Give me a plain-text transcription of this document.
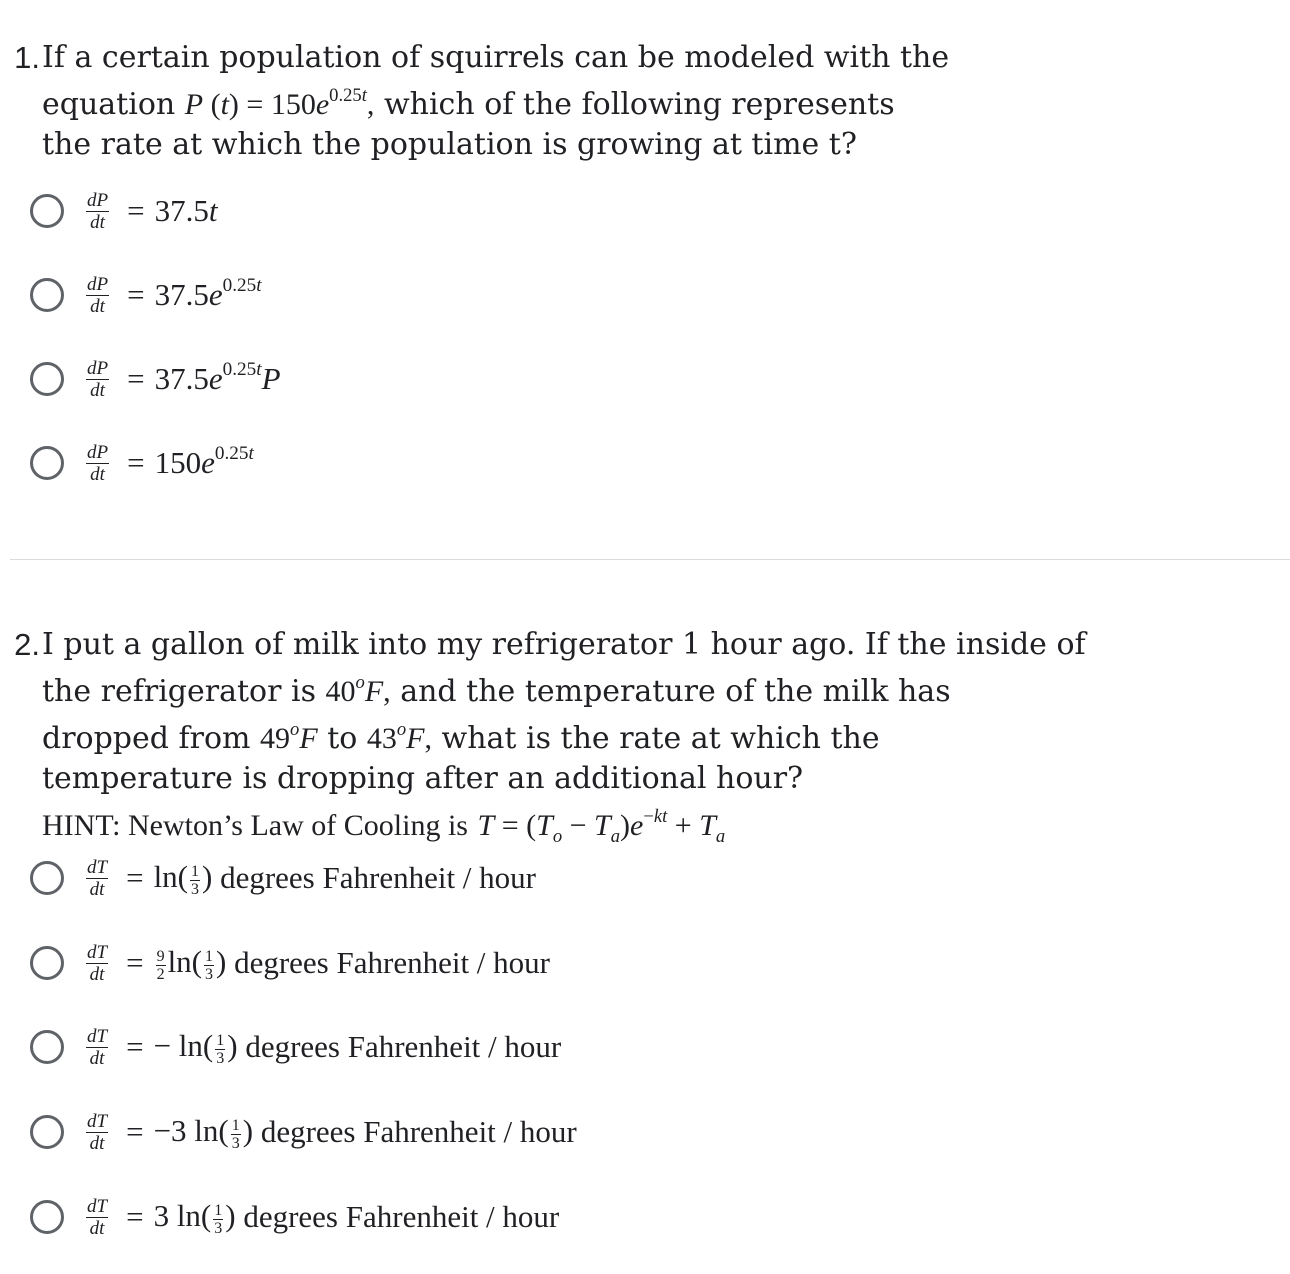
1. If a certain population of squirrels can be modeled with the
equation P $(t) = 150e^{0.25t}$, which of the following represents
the rate at which the population is growing at time t?
$\frac{dP}{dt} = 37.5t$
$\frac{dP}{dt} = 37.5e^{0.25t}$
$\frac{dP}{dt} = 37.5e^{0.25t}P$
$\frac{dP}{dt} = 150e^{0.25t}$
2. I put a gallon of milk into my refrigerator 1 hour ago. If the inside of
the refrigerator is 40$^o$F, and the temperature of the milk has
dropped from 49$^o$F to 43$^o$F, what is the rate at which the
temperature is dropping after an additional hour?
HINT: Newton’s Law of Cooling is $T = (T_o - T_a)e^{-kt} + T_a$
$\frac{dT}{dt} = \ln( \frac{1}{3}$ ) degrees Fahrenheit / hour
$\frac{dT}{dt} = \frac{9}{2} \ln( \frac{1}{3}$ ) degrees Fahrenheit / hour
$\frac{dT}{dt}$ = − $\ln( \frac{1}{3}$ ) degrees Fahrenheit / hour
$\frac{dT}{dt} = -3$ $\ln( \frac{1}{3}$ ) degrees Fahrenheit / hour
$\frac{dT}{dt} = 3$ $\ln( \frac{1}{3}$ ) degrees Fahrenheit / hour
